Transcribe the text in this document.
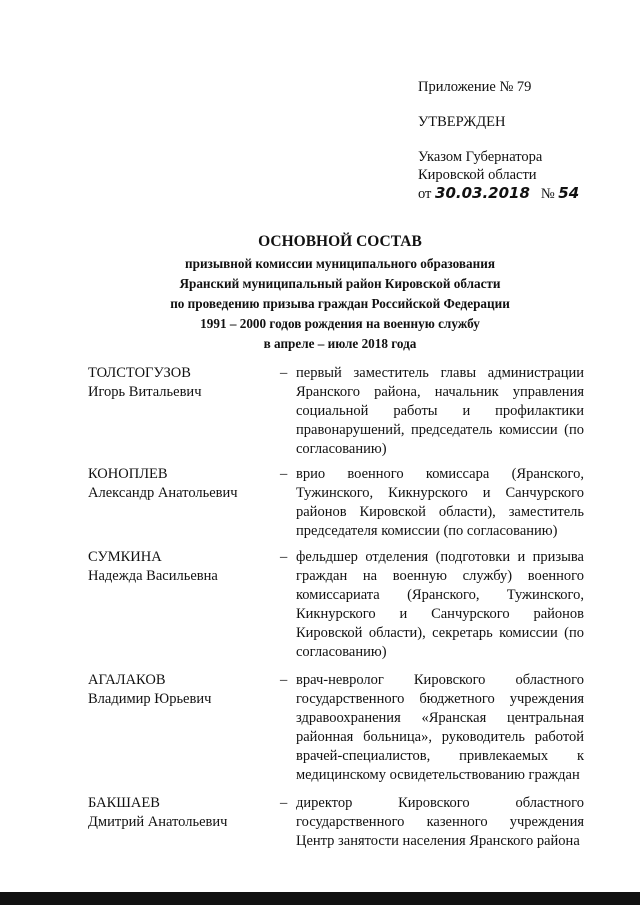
Приложение № 79
УТВЕРЖДЕН
Указом Губернатора
Кировской области
от 30.03.2018 № 54
ОСНОВНОЙ СОСТАВ
призывной комиссии муниципального образования
Яранский муниципальный район Кировской области
по проведению призыва граждан Российской Федерации
1991 – 2000 годов рождения на военную службу
в апреле – июле 2018 года
ТОЛСТОГУЗОВ
Игорь Витальевич
– первый заместитель главы администрации Яранского района, начальник управления социальной работы и профилактики правонарушений, председатель комиссии (по согласованию)
КОНОПЛЕВ
Александр Анатольевич
– врио военного комиссара (Яранского, Тужинского, Кикнурского и Санчурского районов Кировской области), заместитель председателя комиссии (по согласованию)
СУМКИНА
Надежда Васильевна
– фельдшер отделения (подготовки и призыва граждан на военную службу) военного комиссариата (Яранского, Тужинского, Кикнурского и Санчурского районов Кировской области), секретарь комиссии (по согласованию)
АГАЛАКОВ
Владимир Юрьевич
– врач-невролог Кировского областного государственного бюджетного учреждения здравоохранения «Яранская центральная районная больница», руководитель работой врачей-специалистов, привлекаемых к медицинскому освидетельствованию граждан
БАКШАЕВ
Дмитрий Анатольевич
– директор Кировского областного государственного казенного учреждения Центр занятости населения Яранского района
